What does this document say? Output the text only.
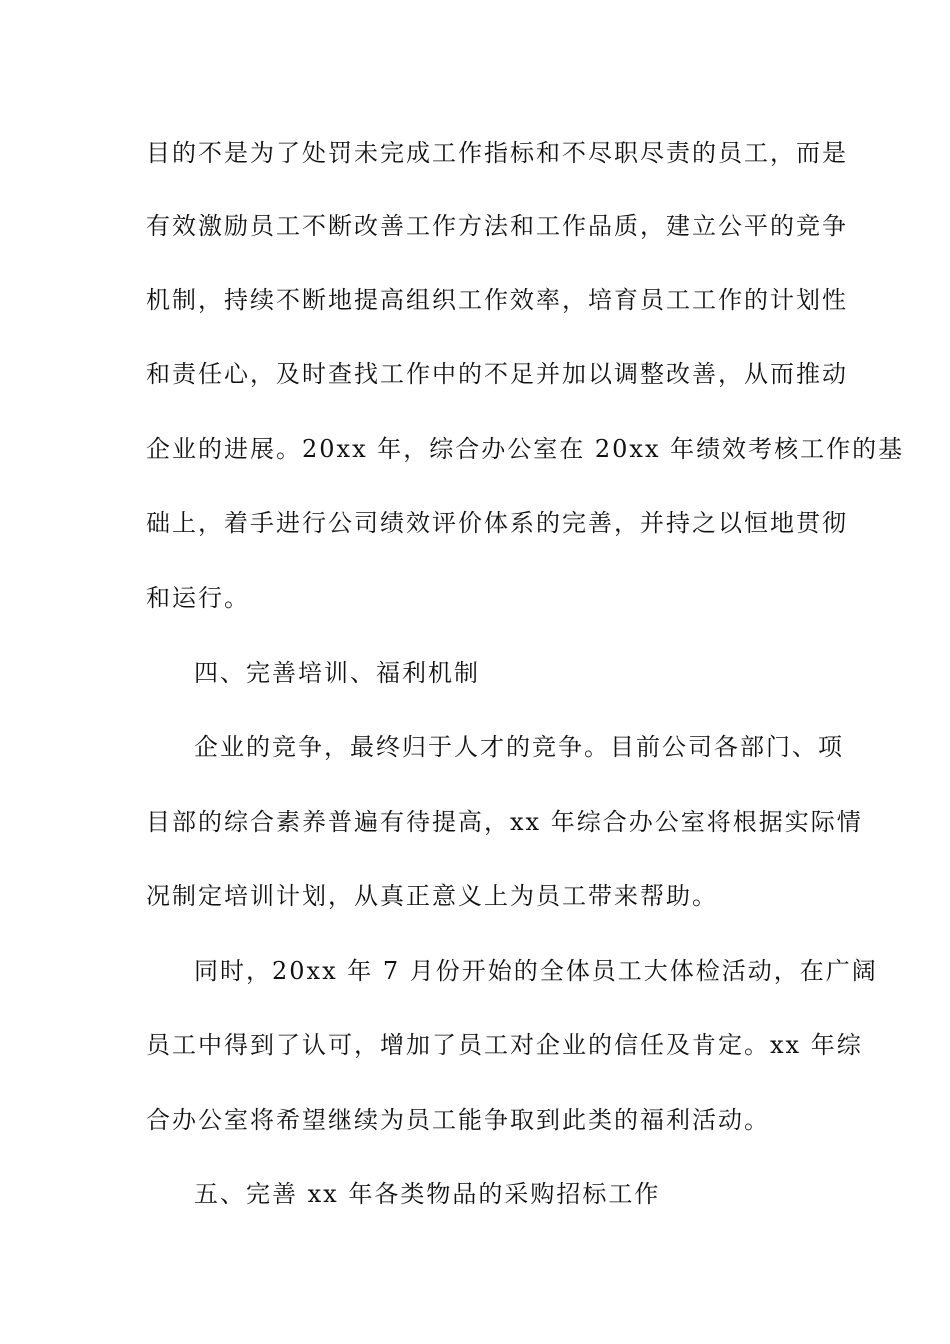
目的不是为了处罚未完成工作指标和不尽职尽责的员工，而是
有效激励员工不断改善工作方法和工作品质，建立公平的竞争
机制，持续不断地提高组织工作效率，培育员工工作的计划性
和责任心，及时查找工作中的不足并加以调整改善，从而推动
企业的进展。20xx 年，综合办公室在 20xx 年绩效考核工作的基
础上，着手进行公司绩效评价体系的完善，并持之以恒地贯彻
和运行。
四、完善培训、福利机制
企业的竞争，最终归于人才的竞争。目前公司各部门、项
目部的综合素养普遍有待提高，xx 年综合办公室将根据实际情
况制定培训计划，从真正意义上为员工带来帮助。
同时，20xx 年 7 月份开始的全体员工大体检活动，在广阔
员工中得到了认可，增加了员工对企业的信任及肯定。xx 年综
合办公室将希望继续为员工能争取到此类的福利活动。
五、完善 xx 年各类物品的采购招标工作
